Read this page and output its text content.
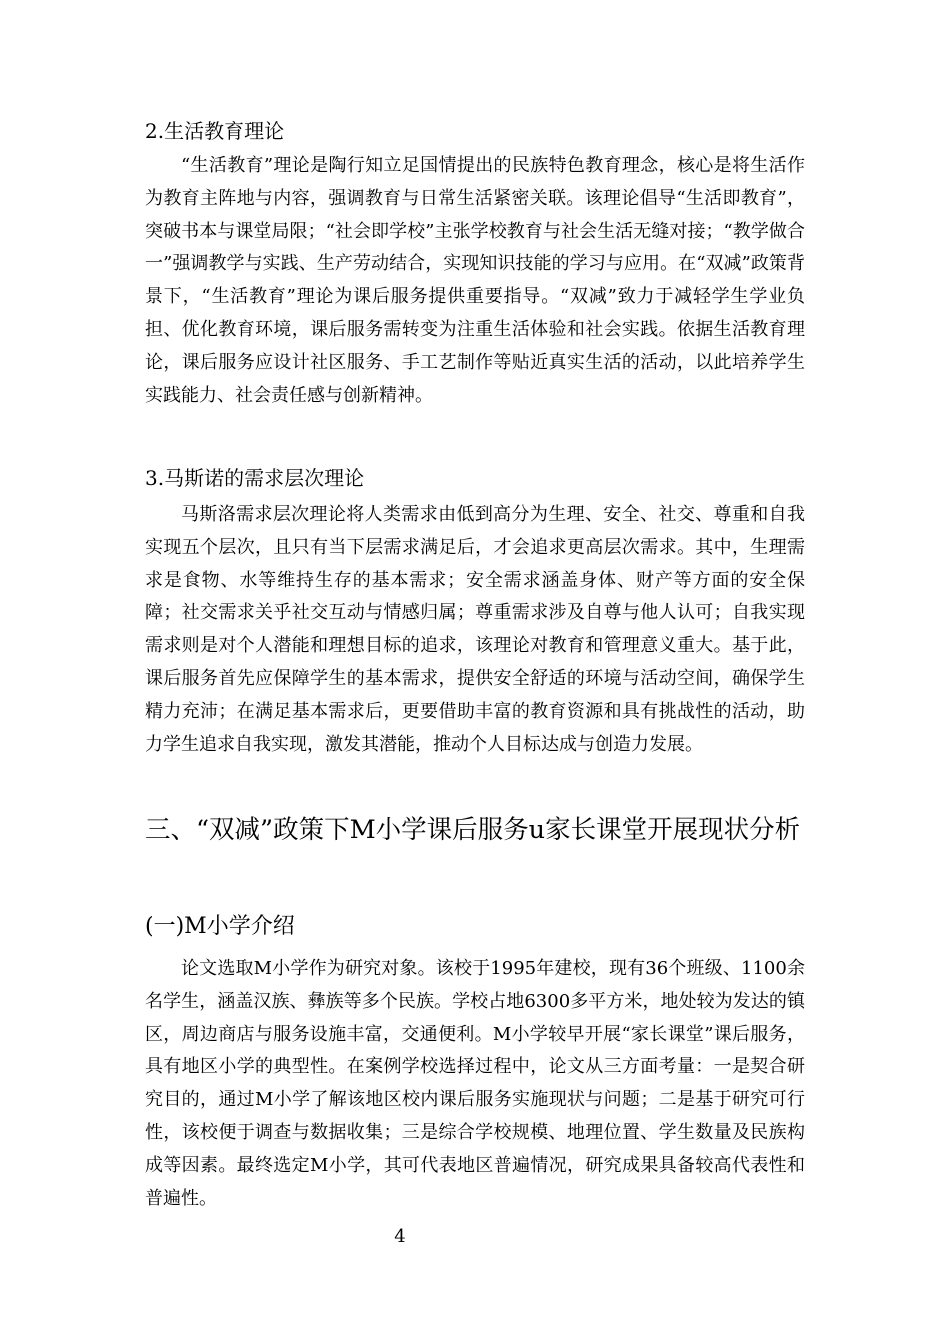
2.生活教育理论
“生活教育”理论是陶行知立足国情提出的民族特色教育理念，核心是将生活作为教育主阵地与内容，强调教育与日常生活紧密关联。该理论倡导“生活即教育”，突破书本与课堂局限；“社会即学校”主张学校教育与社会生活无缝对接；“教学做合一”强调教学与实践、生产劳动结合，实现知识技能的学习与应用。在“双减”政策背景下，“生活教育”理论为课后服务提供重要指导。“双减”致力于减轻学生学业负担、优化教育环境，课后服务需转变为注重生活体验和社会实践。依据生活教育理论，课后服务应设计社区服务、手工艺制作等贴近真实生活的活动，以此培养学生实践能力、社会责任感与创新精神。
3.马斯诺的需求层次理论
马斯洛需求层次理论将人类需求由低到高分为生理、安全、社交、尊重和自我实现五个层次，且只有当下层需求满足后，才会追求更高层次需求。其中，生理需求是食物、水等维持生存的基本需求；安全需求涵盖身体、财产等方面的安全保障；社交需求关乎社交互动与情感归属；尊重需求涉及自尊与他人认可；自我实现需求则是对个人潜能和理想目标的追求，该理论对教育和管理意义重大。基于此，课后服务首先应保障学生的基本需求，提供安全舒适的环境与活动空间，确保学生精力充沛；在满足基本需求后，更要借助丰富的教育资源和具有挑战性的活动，助力学生追求自我实现，激发其潜能，推动个人目标达成与创造力发展。
三、“双减”政策下M小学课后服务u家长课堂开展现状分析
(一)M小学介绍
论文选取M小学作为研究对象。该校于1995年建校，现有36个班级、1100余名学生，涵盖汉族、彝族等多个民族。学校占地6300多平方米，地处较为发达的镇区，周边商店与服务设施丰富，交通便利。M小学较早开展“家长课堂”课后服务，具有地区小学的典型性。在案例学校选择过程中，论文从三方面考量：一是契合研究目的，通过M小学了解该地区校内课后服务实施现状与问题；二是基于研究可行性，该校便于调查与数据收集；三是综合学校规模、地理位置、学生数量及民族构成等因素。最终选定M小学，其可代表地区普遍情况，研究成果具备较高代表性和普遍性。
4
